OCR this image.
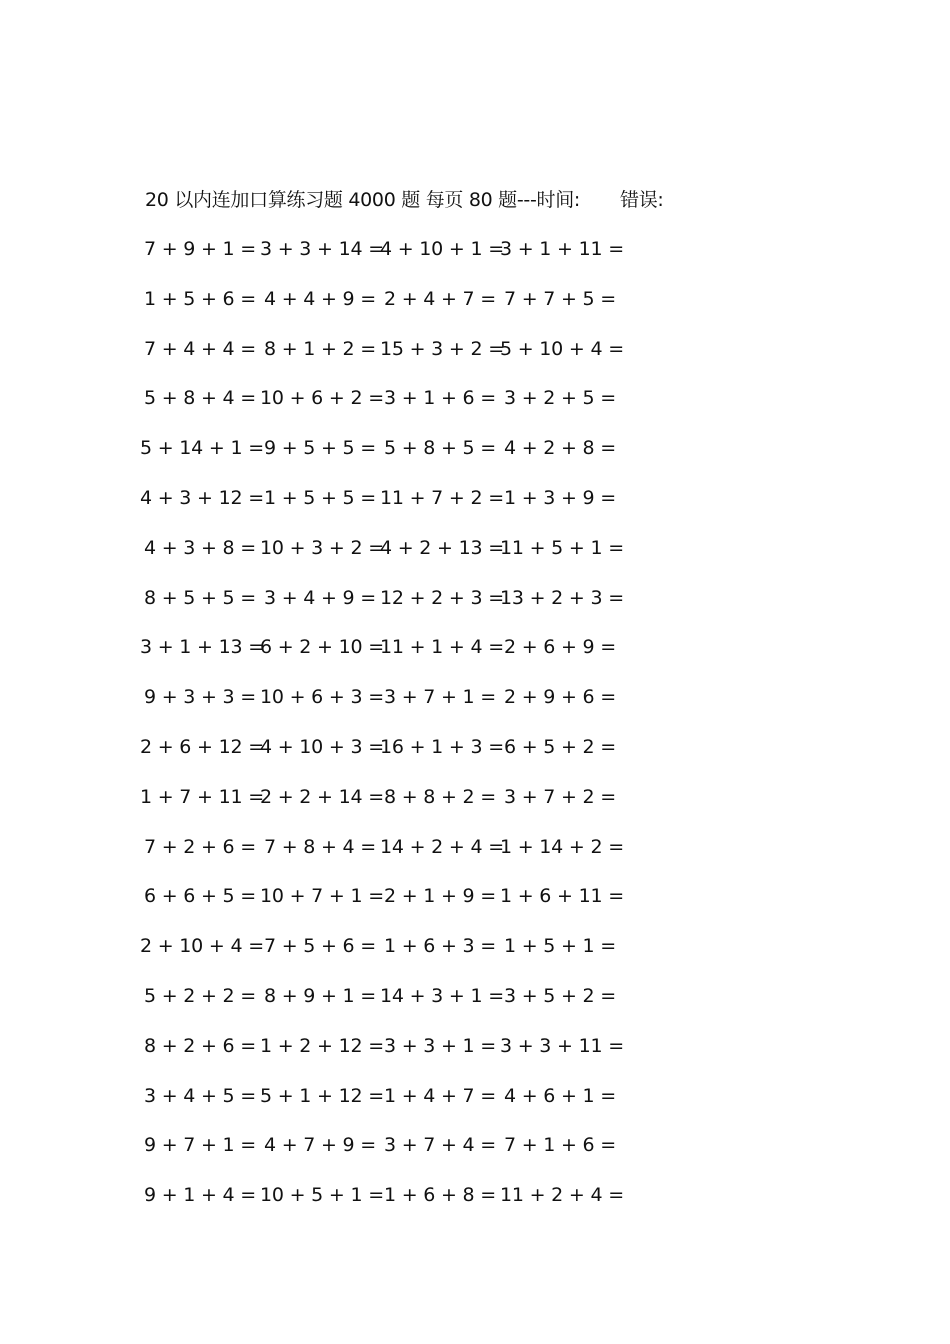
20 以内连加口算练习题 4000 题 每页 80 题---时间: 错误:
7 + 9 + 1 = 3 + 3 + 14 =
4 + 10 + 1 =
3 + 1 + 11 =
1 + 5 + 6 = 4 + 4 + 9 = 2 + 4 + 7 = 7 + 7 + 5 =
7 + 4 + 4 = 8 + 1 + 2 = 15 + 3 + 2 =
5 + 10 + 4 =
5 + 8 + 4 = 10 + 6 + 2 = 3 + 1 + 6 = 3 + 2 + 5 =
5 + 14 + 1 = 9 + 5 + 5 = 5 + 8 + 5 = 4 + 2 + 8 =
4 + 3 + 12 = 1 + 5 + 5 = 11 + 7 + 2 = 1 + 3 + 9 =
4 + 3 + 8 = 10 + 3 + 2 =
4 + 2 + 13 =
11 + 5 + 1 =
8 + 5 + 5 = 3 + 4 + 9 = 12 + 2 + 3 =
13 + 2 + 3 =
3 + 1 + 13 =
6 + 2 + 10 =
11 + 1 + 4 = 2 + 6 + 9 =
9 + 3 + 3 = 10 + 6 + 3 = 3 + 7 + 1 = 2 + 9 + 6 =
2 + 6 + 12 =
4 + 10 + 3 =
16 + 1 + 3 = 6 + 5 + 2 =
1 + 7 + 11 =
2 + 2 + 14 = 8 + 8 + 2 = 3 + 7 + 2 =
7 + 2 + 6 = 7 + 8 + 4 = 14 + 2 + 4 =
1 + 14 + 2 =
6 + 6 + 5 = 10 + 7 + 1 = 2 + 1 + 9 = 1 + 6 + 11 =
2 + 10 + 4 = 7 + 5 + 6 = 1 + 6 + 3 = 1 + 5 + 1 =
5 + 2 + 2 = 8 + 9 + 1 = 14 + 3 + 1 = 3 + 5 + 2 =
8 + 2 + 6 = 1 + 2 + 12 = 3 + 3 + 1 = 3 + 3 + 11 =
3 + 4 + 5 = 5 + 1 + 12 = 1 + 4 + 7 = 4 + 6 + 1 =
9 + 7 + 1 = 4 + 7 + 9 = 3 + 7 + 4 = 7 + 1 + 6 =
9 + 1 + 4 = 10 + 5 + 1 = 1 + 6 + 8 = 11 + 2 + 4 =
